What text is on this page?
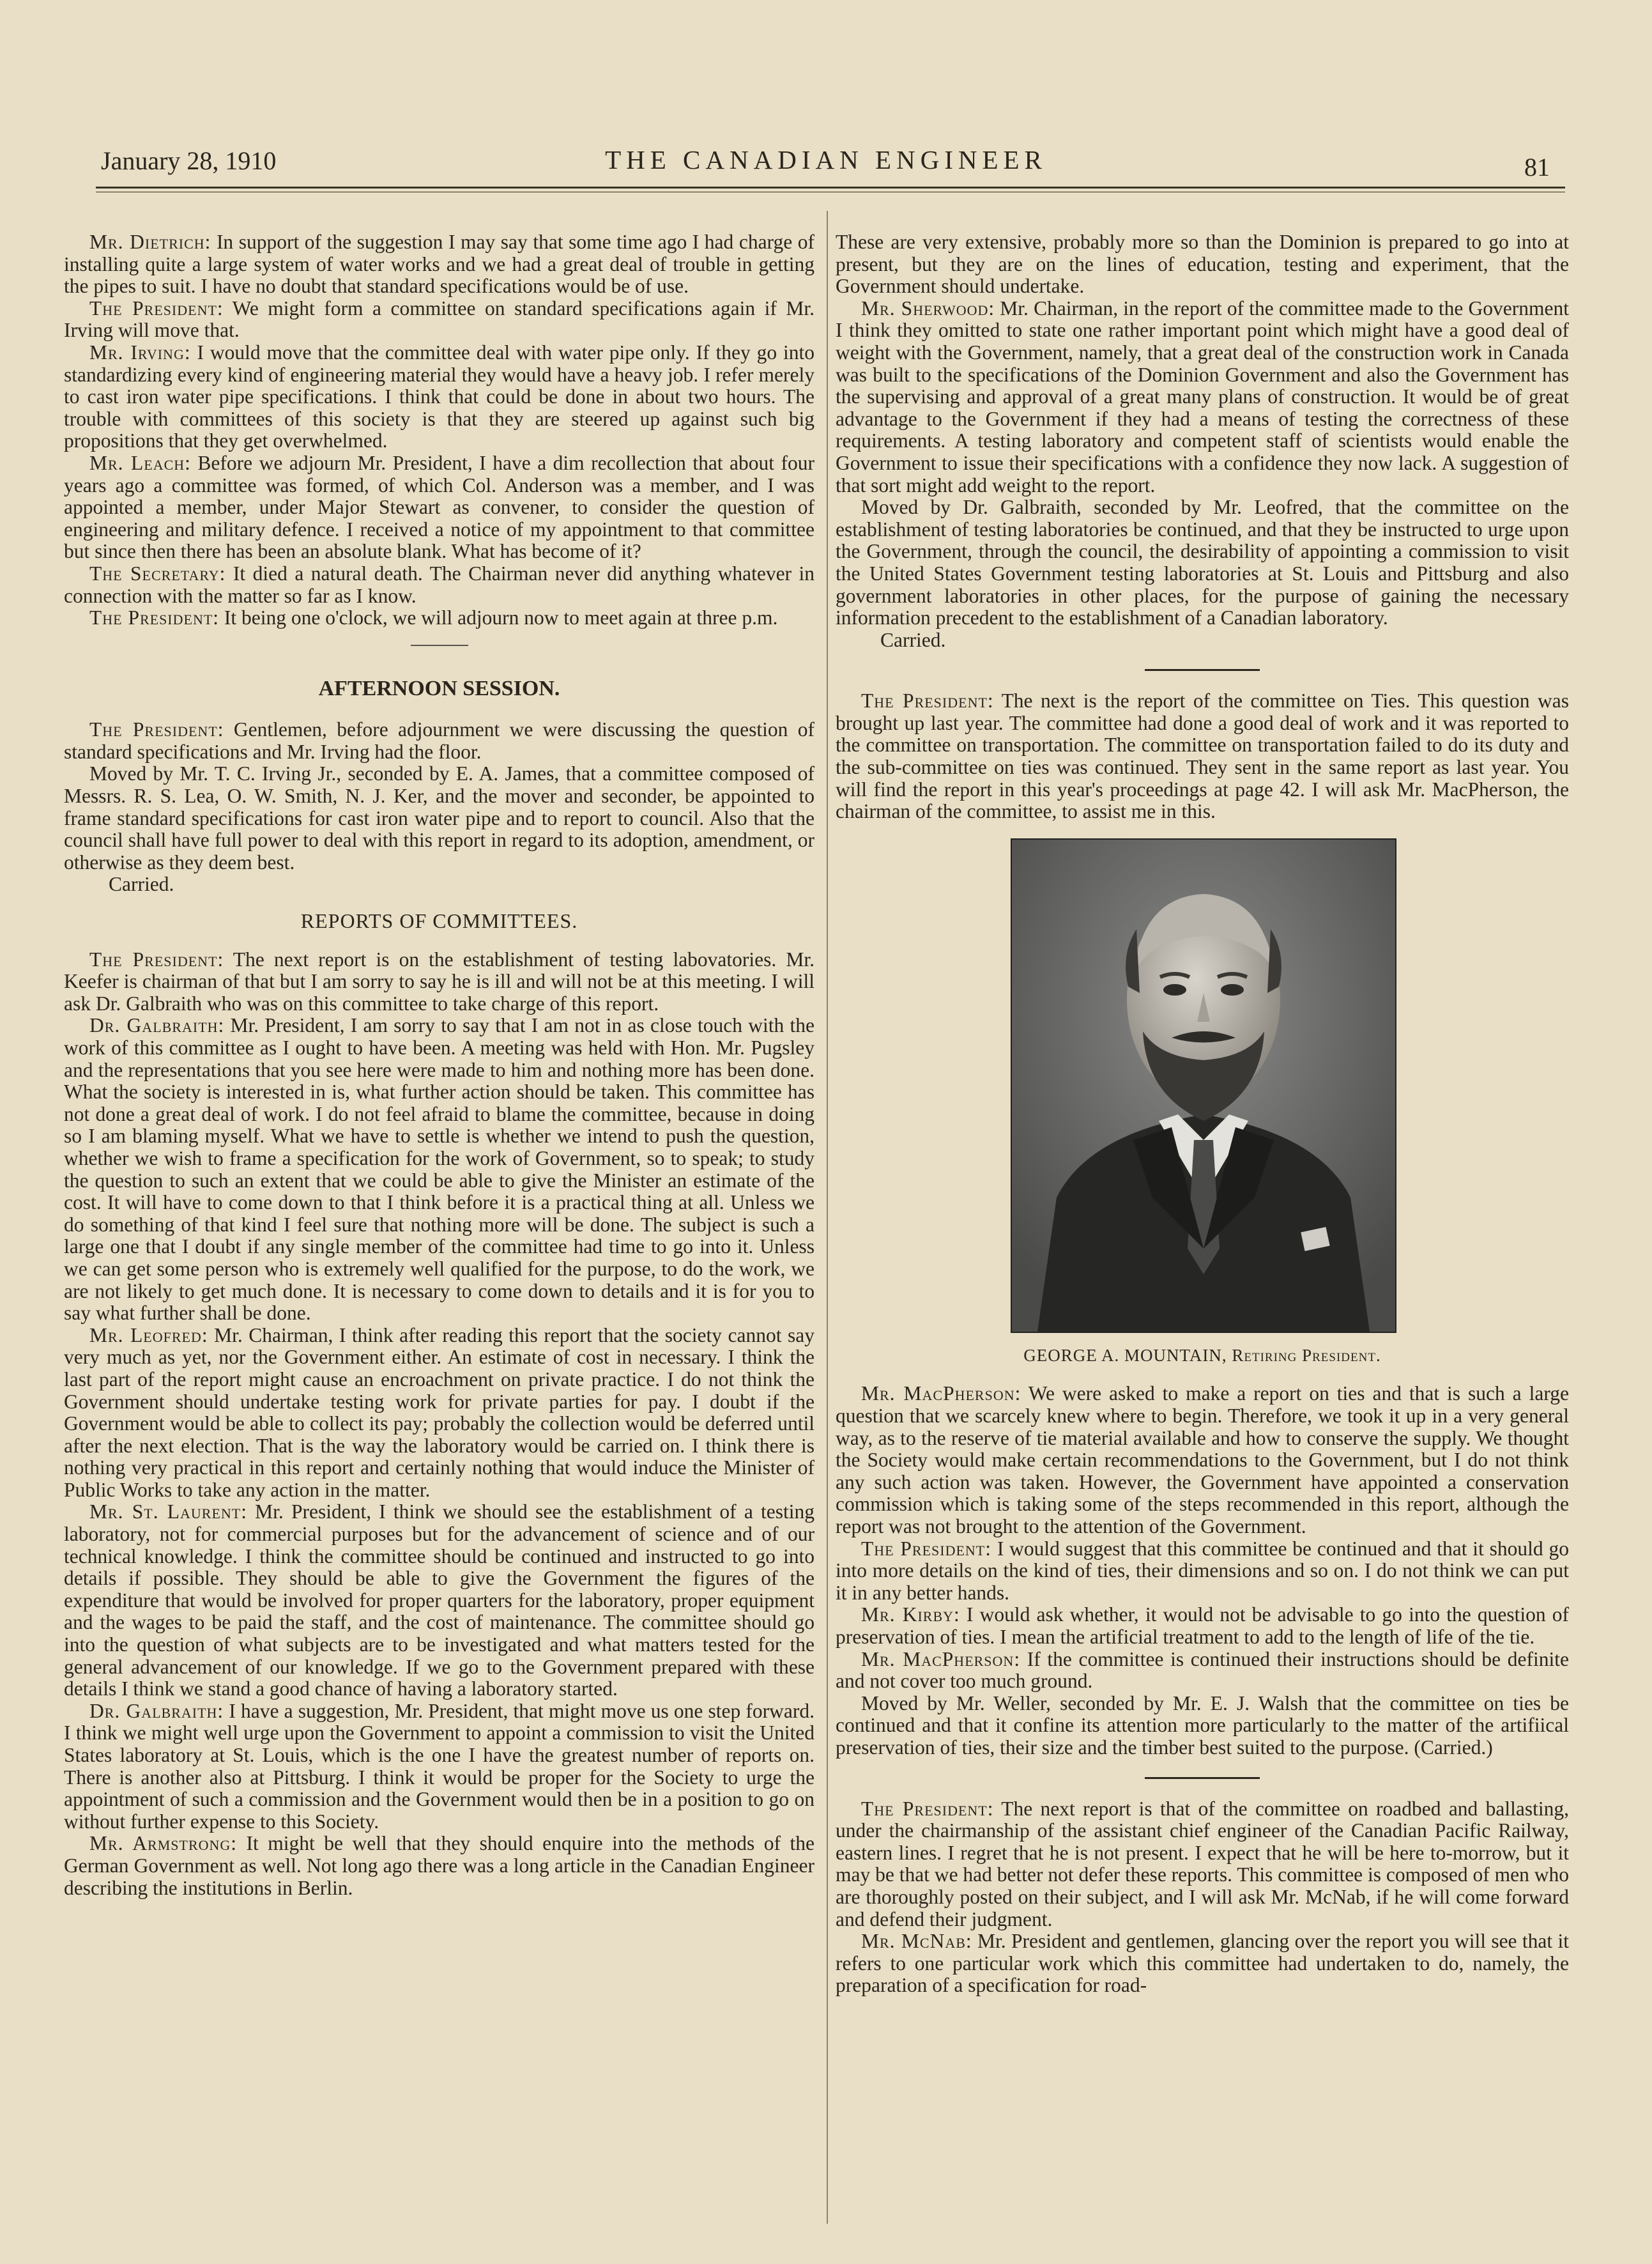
January 28, 1910	THE CANADIAN ENGINEER	81

Mr. Dietrich: In support of the suggestion I may say that some time ago I had charge of installing quite a large system of water works and we had a great deal of trouble in getting the pipes to suit. I have no doubt that standard specifications would be of use.

The President: We might form a committee on standard specifications again if Mr. Irving will move that.

Mr. Irving: I would move that the committee deal with water pipe only. If they go into standardizing every kind of engineering material they would have a heavy job. I refer merely to cast iron water pipe specifications. I think that could be done in about two hours. The trouble with committees of this society is that they are steered up against such big propositions that they get overwhelmed.

Mr. Leach: Before we adjourn Mr. President, I have a dim recollection that about four years ago a committee was formed, of which Col. Anderson was a member, and I was appointed a member, under Major Stewart as convener, to consider the question of engineering and military defence. I received a notice of my appointment to that committee but since then there has been an absolute blank. What has become of it?

The Secretary: It died a natural death. The Chairman never did anything whatever in connection with the matter so far as I know.

The President: It being one o'clock, we will adjourn now to meet again at three p.m.

AFTERNOON SESSION.

The President: Gentlemen, before adjournment we were discussing the question of standard specifications and Mr. Irving had the floor.

Moved by Mr. T. C. Irving Jr., seconded by E. A. James, that a committee composed of Messrs. R. S. Lea, O. W. Smith, N. J. Ker, and the mover and seconder, be appointed to frame standard specifications for cast iron water pipe and to report to council. Also that the council shall have full power to deal with this report in regard to its adoption, amendment, or otherwise as they deem best.

Carried.

REPORTS OF COMMITTEES.

The President: The next report is on the establishment of testing labovatories. Mr. Keefer is chairman of that but I am sorry to say he is ill and will not be at this meeting. I will ask Dr. Galbraith who was on this committee to take charge of this report.

Dr. Galbraith: Mr. President, I am sorry to say that I am not in as close touch with the work of this committee as I ought to have been. A meeting was held with Hon. Mr. Pugsley and the representations that you see here were made to him and nothing more has been done. What the society is interested in is, what further action should be taken. This committee has not done a great deal of work. I do not feel afraid to blame the committee, because in doing so I am blaming myself. What we have to settle is whether we intend to push the question, whether we wish to frame a specification for the work of Government, so to speak; to study the question to such an extent that we could be able to give the Minister an estimate of the cost. It will have to come down to that I think before it is a practical thing at all. Unless we do something of that kind I feel sure that nothing more will be done. The subject is such a large one that I doubt if any single member of the committee had time to go into it. Unless we can get some person who is extremely well qualified for the purpose, to do the work, we are not likely to get much done. It is necessary to come down to details and it is for you to say what further shall be done.

Mr. Leofred: Mr. Chairman, I think after reading this report that the society cannot say very much as yet, nor the Government either. An estimate of cost in necessary. I think the last part of the report might cause an encroachment on private practice. I do not think the Government should undertake testing work for private parties for pay. I doubt if the Government would be able to collect its pay; probably the collection would be deferred until after the next election. That is the way the laboratory would be carried on. I think there is nothing very practical in this report and certainly nothing that would induce the Minister of Public Works to take any action in the matter.

Mr. St. Laurent: Mr. President, I think we should see the establishment of a testing laboratory, not for commercial purposes but for the advancement of science and of our technical knowledge. I think the committee should be continued and instructed to go into details if possible. They should be able to give the Government the figures of the expenditure that would be involved for proper quarters for the laboratory, proper equipment and the wages to be paid the staff, and the cost of maintenance. The committee should go into the question of what subjects are to be investigated and what matters tested for the general advancement of our knowledge. If we go to the Government prepared with these details I think we stand a good chance of having a laboratory started.

Dr. Galbraith: I have a suggestion, Mr. President, that might move us one step forward. I think we might well urge upon the Government to appoint a commission to visit the United States laboratory at St. Louis, which is the one I have the greatest number of reports on. There is another also at Pittsburg. I think it would be proper for the Society to urge the appointment of such a commission and the Government would then be in a position to go on without further expense to this Society.

Mr. Armstrong: It might be well that they should enquire into the methods of the German Government as well. Not long ago there was a long article in the Canadian Engineer describing the institutions in Berlin.

These are very extensive, probably more so than the Dominion is prepared to go into at present, but they are on the lines of education, testing and experiment, that the Government should undertake.

Mr. Sherwood: Mr. Chairman, in the report of the committee made to the Government I think they omitted to state one rather important point which might have a good deal of weight with the Government, namely, that a great deal of the construction work in Canada was built to the specifications of the Dominion Government and also the Government has the supervising and approval of a great many plans of construction. It would be of great advantage to the Government if they had a means of testing the correctness of these requirements. A testing laboratory and competent staff of scientists would enable the Government to issue their specifications with a confidence they now lack. A suggestion of that sort might add weight to the report.

Moved by Dr. Galbraith, seconded by Mr. Leofred, that the committee on the establishment of testing laboratories be continued, and that they be instructed to urge upon the Government, through the council, the desirability of appointing a commission to visit the United States Government testing laboratories at St. Louis and Pittsburg and also government laboratories in other places, for the purpose of gaining the necessary information precedent to the establishment of a Canadian laboratory.

Carried.

The President: The next is the report of the committee on Ties. This question was brought up last year. The committee had done a good deal of work and it was reported to the committee on transportation. The committee on transportation failed to do its duty and the sub-committee on ties was continued. They sent in the same report as last year. You will find the report in this year's proceedings at page 42. I will ask Mr. MacPherson, the chairman of the committee, to assist me in this.

GEORGE A. MOUNTAIN, Retiring President.

Mr. MacPherson: We were asked to make a report on ties and that is such a large question that we scarcely knew where to begin. Therefore, we took it up in a very general way, as to the reserve of tie material available and how to conserve the supply. We thought the Society would make certain recommendations to the Government, but I do not think any such action was taken. However, the Government have appointed a conservation commission which is taking some of the steps recommended in this report, although the report was not brought to the attention of the Government.

The President: I would suggest that this committee be continued and that it should go into more details on the kind of ties, their dimensions and so on. I do not think we can put it in any better hands.

Mr. Kirby: I would ask whether, it would not be advisable to go into the question of preservation of ties. I mean the artificial treatment to add to the length of life of the tie.

Mr. MacPherson: If the committee is continued their instructions should be definite and not cover too much ground.

Moved by Mr. Weller, seconded by Mr. E. J. Walsh that the committee on ties be continued and that it confine its attention more particularly to the matter of the artifiical preservation of ties, their size and the timber best suited to the purpose. (Carried.)

The President: The next report is that of the committee on roadbed and ballasting, under the chairmanship of the assistant chief engineer of the Canadian Pacific Railway, eastern lines. I regret that he is not present. I expect that he will be here to-morrow, but it may be that we had better not defer these reports. This committee is composed of men who are thoroughly posted on their subject, and I will ask Mr. McNab, if he will come forward and defend their judgment.

Mr. McNab: Mr. President and gentlemen, glancing over the report you will see that it refers to one particular work which this committee had undertaken to do, namely, the preparation of a specification for road-
